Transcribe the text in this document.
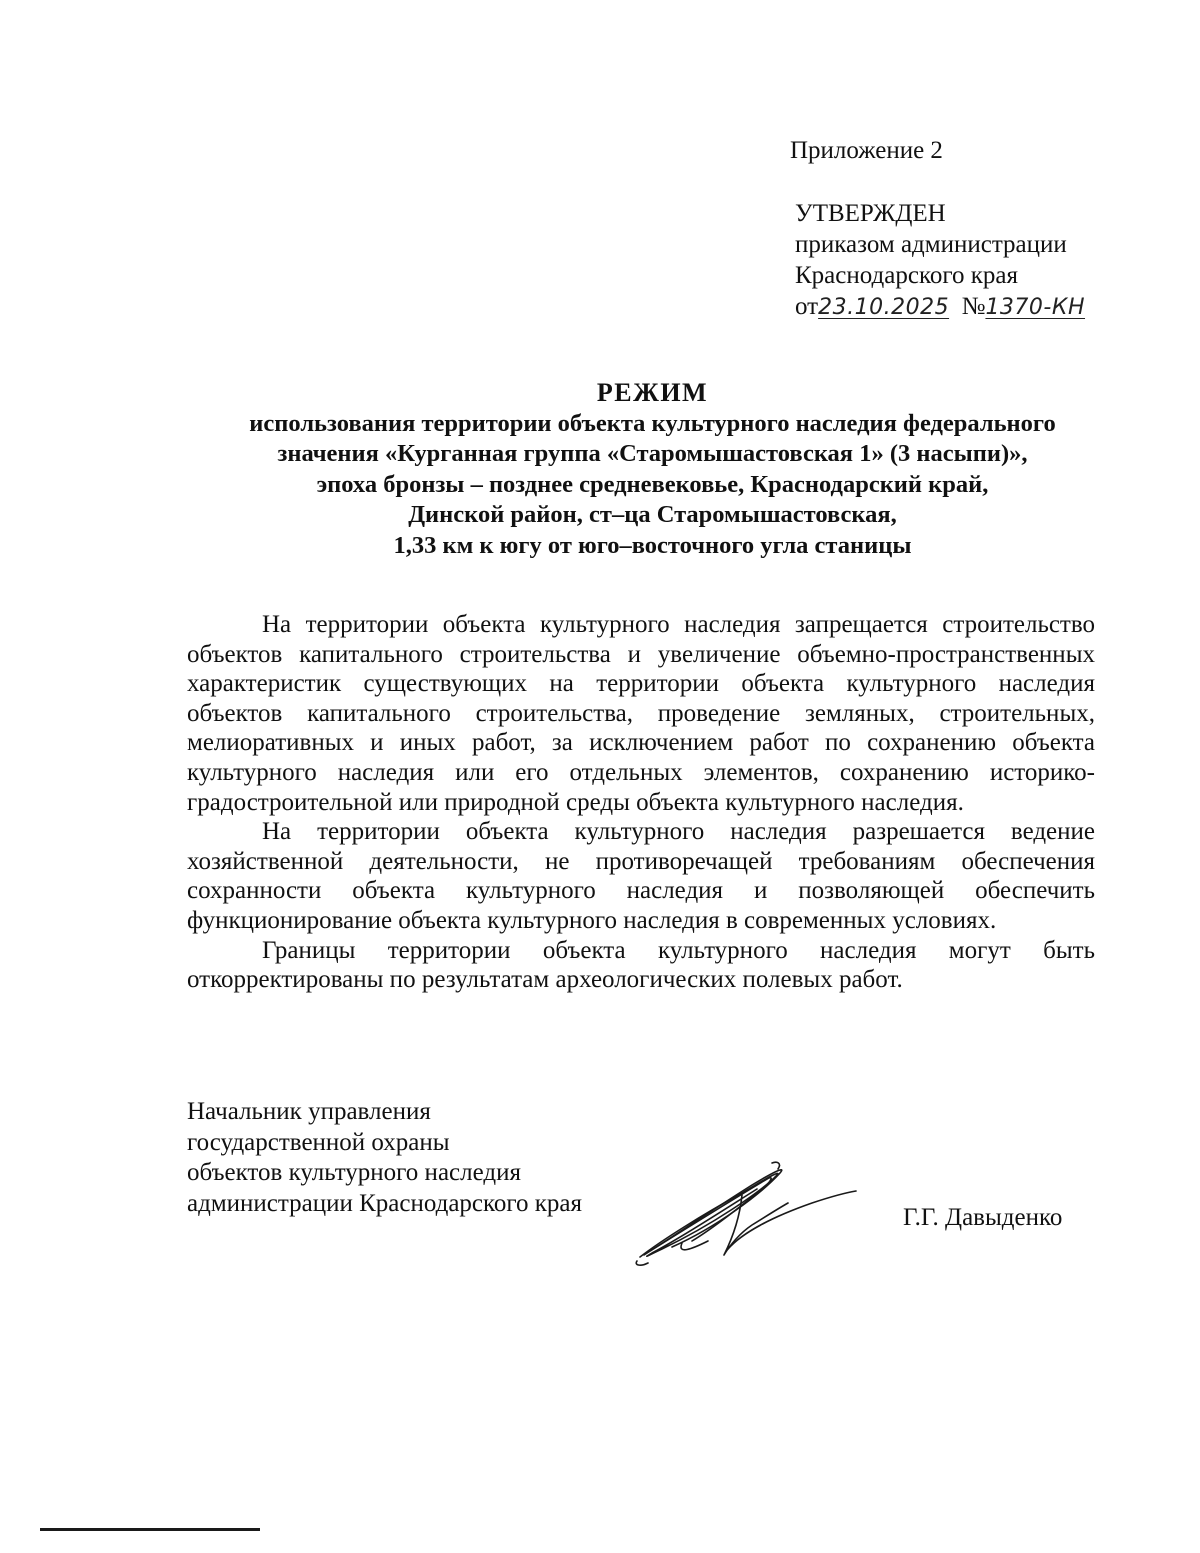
Приложение 2
УТВЕРЖДЕН
приказом администрации
Краснодарского края
от23.10.2025 №1370-КН
РЕЖИМ
использования территории объекта культурного наследия федерального
значения «Курганная группа «Старомышастовская 1» (3 насыпи)»,
эпоха бронзы – позднее средневековье, Краснодарский край,
Динской район, ст–ца Старомышастовская,
1,33 км к югу от юго–восточного угла станицы

На территории объекта культурного наследия запрещается строительство объектов капитального строительства и увеличение объемно-пространственных характеристик существующих на территории объекта культурного наследия объектов капитального строительства, проведение земляных, строительных, мелиоративных и иных работ, за исключением работ по сохранению объекта культурного наследия или его отдельных элементов, сохранению историко-градостроительной или природной среды объекта культурного наследия.

На территории объекта культурного наследия разрешается ведение хозяйственной деятельности, не противоречащей требованиям обеспечения сохранности объекта культурного наследия и позволяющей обеспечить функционирование объекта культурного наследия в современных условиях.

Границы территории объекта культурного наследия могут быть откорректированы по результатам археологических полевых работ.

Начальник управления
государственной охраны
объектов культурного наследия
администрации Краснодарского края
Г.Г. Давыденко
